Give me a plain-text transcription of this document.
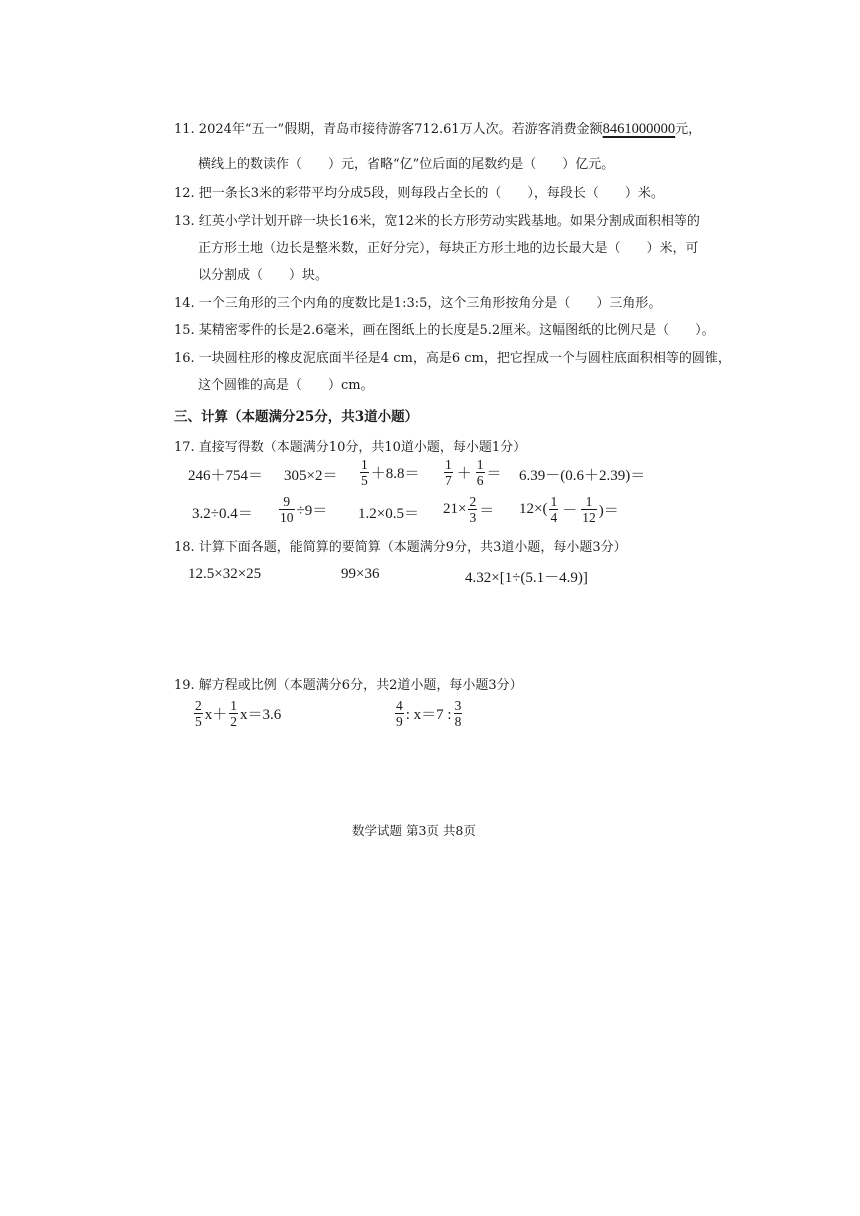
11. 2024年“五一”假期，青岛市接待游客712.61万人次。若游客消费金额8461000000元，
横线上的数读作（　　）元，省略“亿”位后面的尾数约是（　　）亿元。
12. 把一条长3米的彩带平均分成5段，则每段占全长的（　　），每段长（　　）米。
13. 红英小学计划开辟一块长16米，宽12米的长方形劳动实践基地。如果分割成面积相等的
正方形土地（边长是整米数，正好分完），每块正方形土地的边长最大是（　　）米，可
以分割成（　　）块。
14. 一个三角形的三个内角的度数比是1:3:5，这个三角形按角分是（　　）三角形。
15. 某精密零件的长是2.6毫米，画在图纸上的长度是5.2厘米。这幅图纸的比例尺是（　　）。
16. 一块圆柱形的橡皮泥底面半径是4 cm，高是6 cm，把它捏成一个与圆柱底面积相等的圆锥，
这个圆锥的高是（　　）cm。
三、计算（本题满分25分，共3道小题）
17. 直接写得数（本题满分10分，共10道小题，每小题1分）
$246+754= 305\times 2= \frac{1}{5} +8.8= \frac{1}{7} + \frac{1}{6} = 6.39-(0.6+2.39)=$
$3.2\div 0.4= \frac{9}{10} \div 9= 1.2\times 0.5= 21\times \frac{2}{3} = 12\times( \frac{1}{4} - \frac{1}{12}$ )＝
18. 计算下面各题，能简算的要简算（本题满分9分，共3道小题，每小题3分）
12.5×32×25	99×36	4.32×[1÷(5.1－4.9)]
19. 解方程或比例（本题满分6分，共2道小题，每小题3分）
$\frac{2}{5} x+ \frac{1}{2} x=3.6$	$\frac{4}{9}$ : x＝7 : $\frac{3}{8}$
数学试题 第3页 共8页
